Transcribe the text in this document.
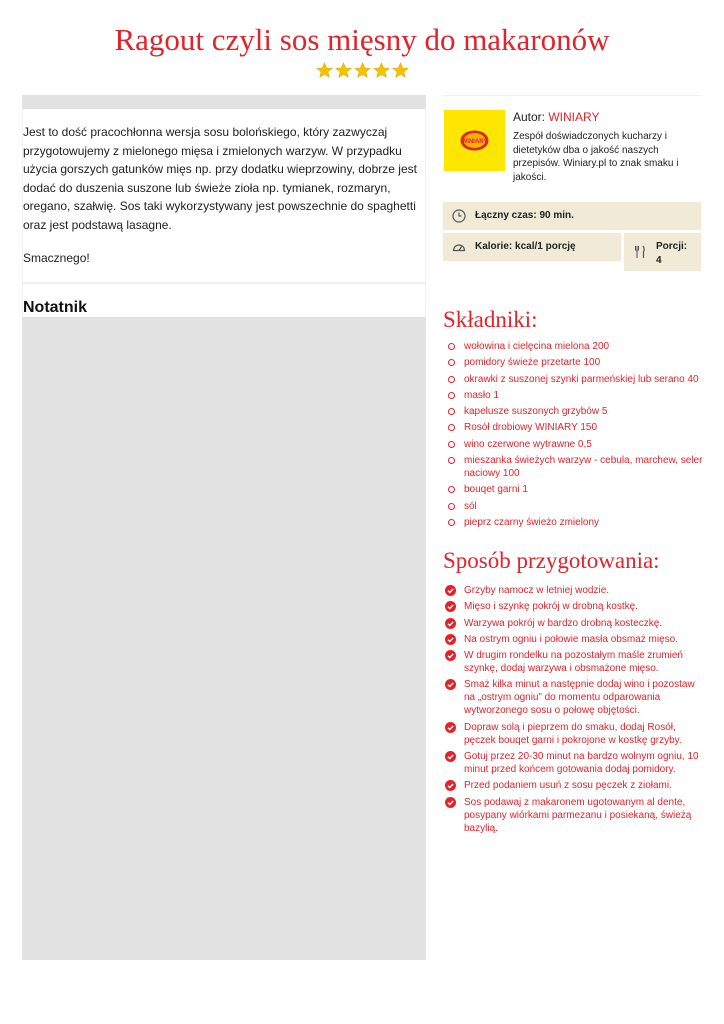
Ragout czyli sos mięsny do makaronów

Jest to dość pracochłonna wersja sosu bolońskiego, który zazwyczaj przygotowujemy z mielonego mięsa i zmielonych warzyw. W przypadku użycia gorszych gatunków mięs np. przy dodatku wieprzowiny, dobrze jest dodać do duszenia suszone lub świeże zioła np. tymianek, rozmaryn, oregano, szałwię. Sos taki wykorzystywany jest powszechnie do spaghetti oraz jest podstawą lasagne.

Smacznego!

Notatnik
WINIARY
Autor: WINIARY

Zespół doświadczonych kucharzy i dietetyków dba o jakość naszych przepisów. Winiary.pl to znak smaku i jakości.

Łączny czas: 90 min.
Kalorie: kcal/1 porcję	Porcji:
4
Składniki:
wołowina i cielęcina mielona 200
pomidory świeże przetarte 100
okrawki z suszonej szynki parmeńskiej lub serano 40
masło 1
kapelusze suszonych grzybów 5
Rosół drobiowy WINIARY 150
wino czerwone wytrawne 0,5
mieszanka świeżych warzyw - cebula, marchew, seler naciowy 100
bouqet garni 1
sól
pieprz czarny świeżo zmielony
Sposób przygotowania:
Grzyby namocz w letniej wodzie.
Mięso i szynkę pokrój w drobną kostkę.
Warzywa pokrój w bardzo drobną kosteczkę.
Na ostrym ogniu i połowie masła obsmaż mięso.
W drugim rondelku na pozostałym maśle zrumień szynkę, dodaj warzywa i obsmażone mięso.
Smaż kilka minut a następnie dodaj wino i pozostaw na „ostrym ogniu” do momentu odparowania wytworzonego sosu o połowę objętości.
Dopraw solą i pieprzem do smaku, dodaj Rosół, pęczek bouqet garni i pokrojone w kostkę grzyby.
Gotuj przez 20-30 minut na bardzo wolnym ogniu, 10 minut przed końcem gotowania dodaj pomidory.
Przed podaniem usuń z sosu pęczek z ziołami.
Sos podawaj z makaronem ugotowanym al dente, posypany wiórkami parmezanu i posiekaną, świeżą bazylią.
